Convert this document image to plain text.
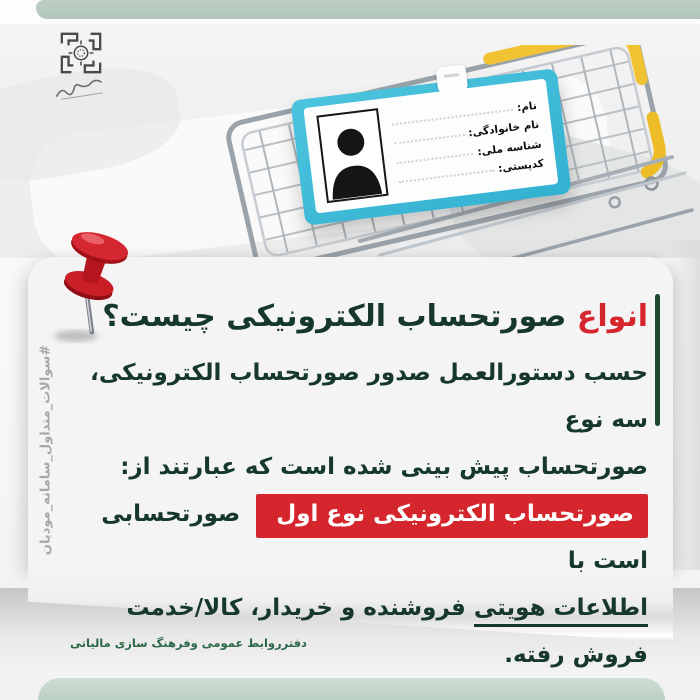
نام:
نام خانوادگی:
شناسه ملی:
کدپستی:
انواع صورتحساب الکترونیکی چیست؟
حسب دستورالعمل صدور صورتحساب الکترونیکی، سه نوع
صورتحساب پیش بینی شده است که عبارتند از:
صورتحساب الکترونیکی نوع اول صورتحسابی است با
اطلاعات هویتی فروشنده و خریدار، کالا/خدمت فروش رفته.
#سوالات_متداول_سامانه_مودیان
دفترروابط عمومی وفرهنگ سازی مالیاتی
